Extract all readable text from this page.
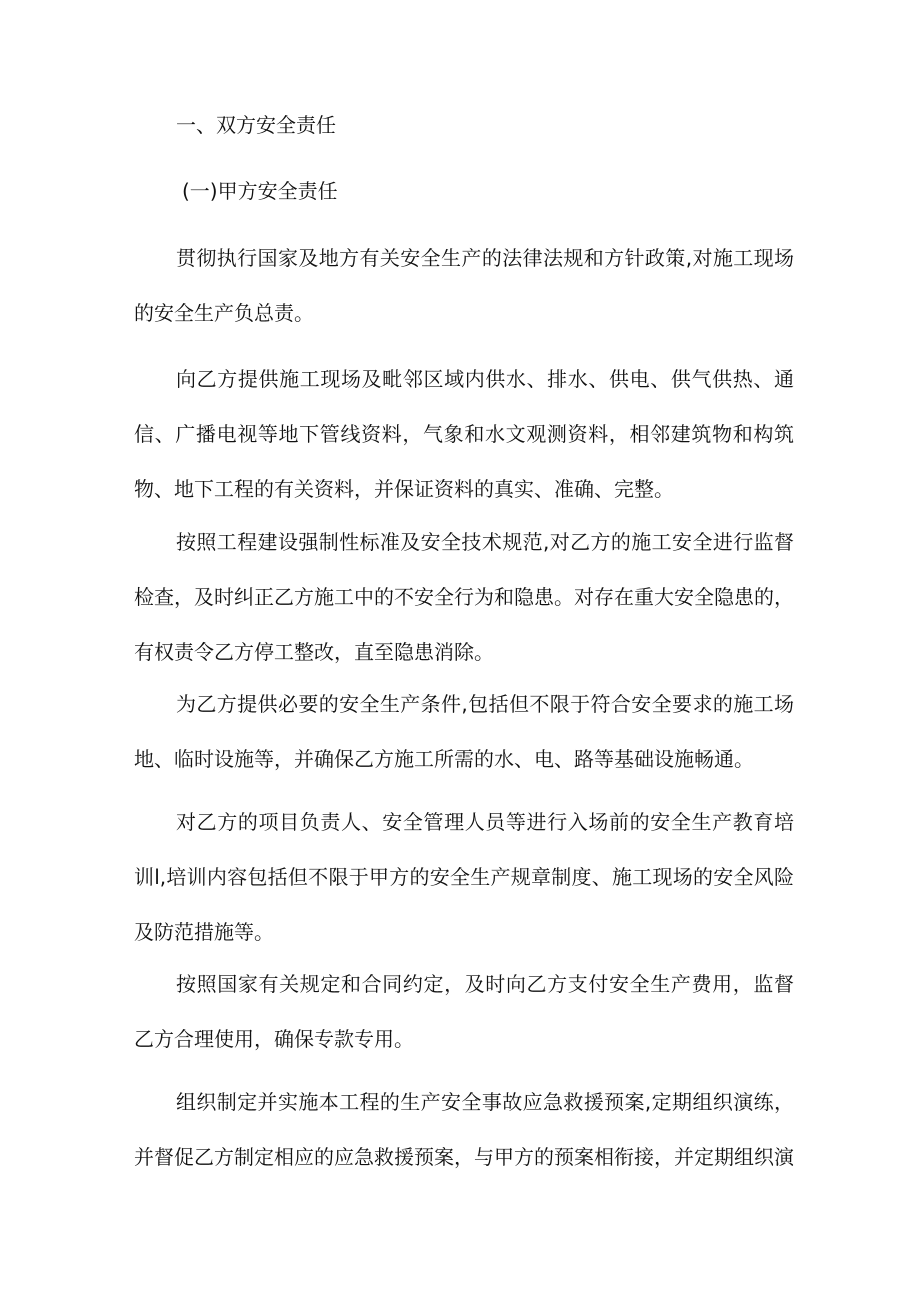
一、双方安全责任
(一)甲方安全责任

贯彻执行国家及地方有关安全生产的法律法规和方针政策,对施工现场的安全生产负总责。

向乙方提供施工现场及毗邻区域内供水、排水、供电、供气供热、通信、广播电视等地下管线资料，气象和水文观测资料，相邻建筑物和构筑物、地下工程的有关资料，并保证资料的真实、准确、完整。

按照工程建设强制性标准及安全技术规范,对乙方的施工安全进行监督检查，及时纠正乙方施工中的不安全行为和隐患。对存在重大安全隐患的，有权责令乙方停工整改，直至隐患消除。

为乙方提供必要的安全生产条件,包括但不限于符合安全要求的施工场地、临时设施等，并确保乙方施工所需的水、电、路等基础设施畅通。

对乙方的项目负责人、安全管理人员等进行入场前的安全生产教育培训l,培训内容包括但不限于甲方的安全生产规章制度、施工现场的安全风险及防范措施等。

按照国家有关规定和合同约定，及时向乙方支付安全生产费用，监督乙方合理使用，确保专款专用。

组织制定并实施本工程的生产安全事故应急救援预案,定期组织演练，并督促乙方制定相应的应急救援预案，与甲方的预案相衔接，并定期组织演
